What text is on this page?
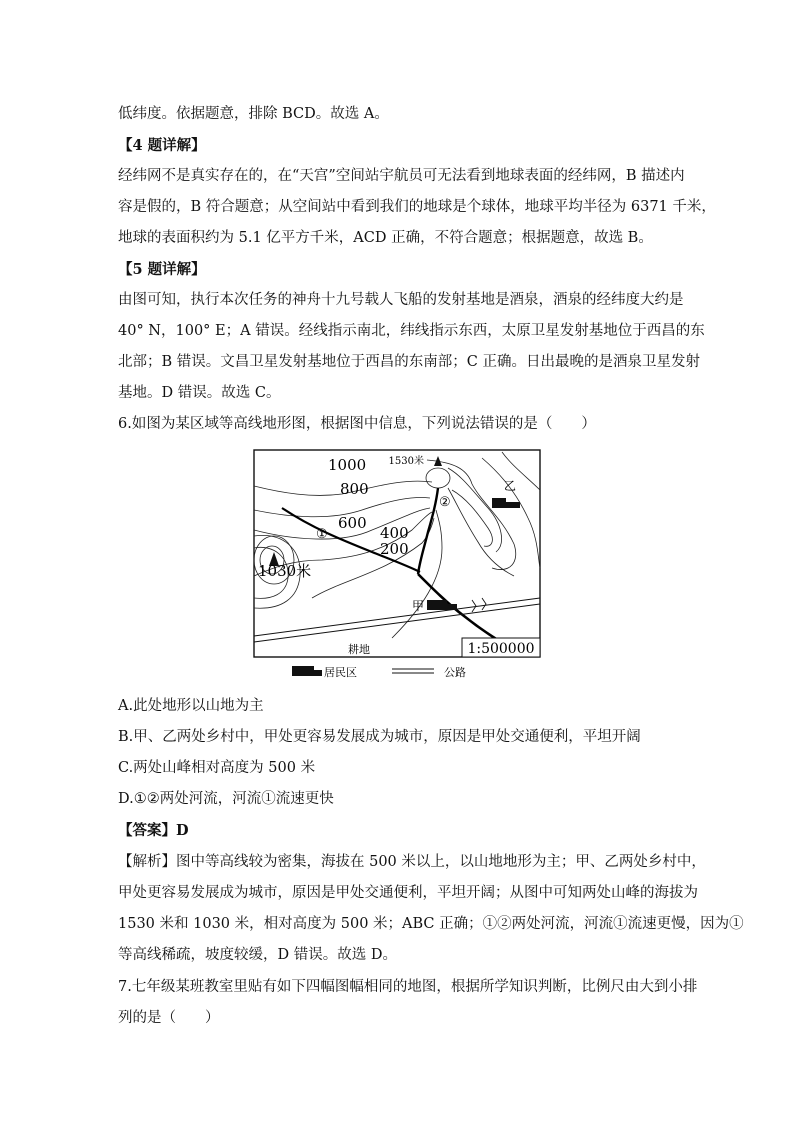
低纬度。依据题意，排除 BCD。故选 A。
【4 题详解】
经纬网不是真实存在的，在“天宫”空间站宇航员可无法看到地球表面的经纬网，B 描述内
容是假的，B 符合题意；从空间站中看到我们的地球是个球体，地球平均半径为 6371 千米，
地球的表面积约为 5.1 亿平方千米，ACD 正确，不符合题意；根据题意，故选 B。
【5 题详解】
由图可知，执行本次任务的神舟十九号载人飞船的发射基地是酒泉，酒泉的经纬度大约是
40° N，100° E；A 错误。经线指示南北，纬线指示东西，太原卫星发射基地位于西昌的东
北部；B 错误。文昌卫星发射基地位于西昌的东南部；C 正确。日出最晚的是酒泉卫星发射
基地。D 错误。故选 C。
6.如图为某区域等高线地形图，根据图中信息，下列说法错误的是（　　）
1000
800
600
400
200
1530米
1030米
①
②
甲
乙
耕地	1:500000
居民区	公路
A.此处地形以山地为主
B.甲、乙两处乡村中，甲处更容易发展成为城市，原因是甲处交通便利，平坦开阔
C.两处山峰相对高度为 500 米
D.①②两处河流，河流①流速更快
【答案】D
【解析】图中等高线较为密集，海拔在 500 米以上，以山地地形为主；甲、乙两处乡村中，
甲处更容易发展成为城市，原因是甲处交通便利，平坦开阔；从图中可知两处山峰的海拔为
1530 米和 1030 米，相对高度为 500 米；ABC 正确；①②两处河流，河流①流速更慢，因为①
等高线稀疏，坡度较缓，D 错误。故选 D。
7.七年级某班教室里贴有如下四幅图幅相同的地图，根据所学知识判断，比例尺由大到小排
列的是（　　）
